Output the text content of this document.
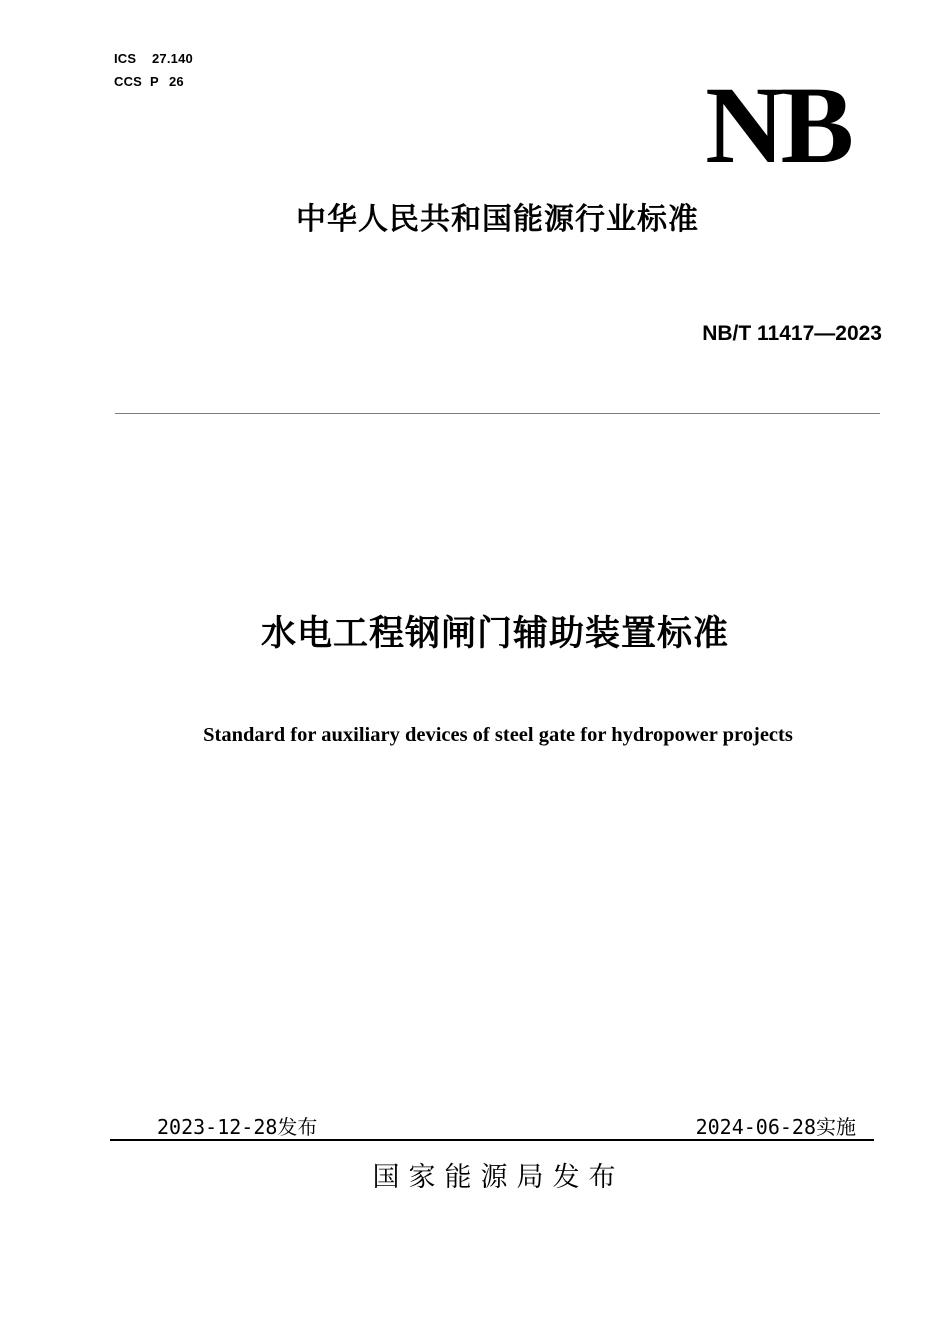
ICS 27.140
CCS P 26	NB
中华人民共和国能源行业标准
NB/T 11417—2023
水电工程钢闸门辅助装置标准
Standard for auxiliary devices of steel gate for hydropower projects
2023-12-28发布	2024-06-28实施
国家能源局发布
